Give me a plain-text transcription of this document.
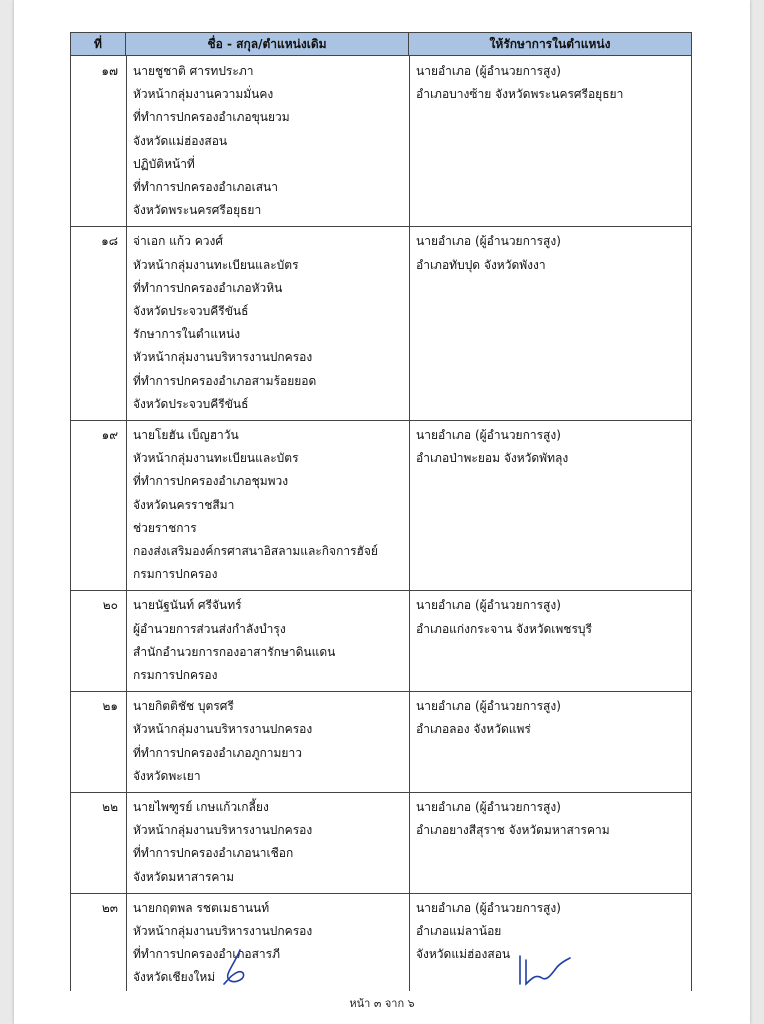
ที่	ชื่อ - สกุล/ตำแหน่งเดิม	ให้รักษาการในตำแหน่ง
๑๗ นายชูชาติ ศารทประภา
หัวหน้ากลุ่มงานความมั่นคง
ที่ทำการปกครองอำเภอขุนยวม
จังหวัดแม่ฮ่องสอน
ปฏิบัติหน้าที่
ที่ทำการปกครองอำเภอเสนา
จังหวัดพระนครศรีอยุธยา
นายอำเภอ (ผู้อำนวยการสูง)
อำเภอบางซ้าย จังหวัดพระนครศรีอยุธยา
๑๘ จ่าเอก แก้ว ควงศ์
หัวหน้ากลุ่มงานทะเบียนและบัตร
ที่ทำการปกครองอำเภอหัวหิน
จังหวัดประจวบคีรีขันธ์
รักษาการในตำแหน่ง
หัวหน้ากลุ่มงานบริหารงานปกครอง
ที่ทำการปกครองอำเภอสามร้อยยอด
จังหวัดประจวบคีรีขันธ์
นายอำเภอ (ผู้อำนวยการสูง)
อำเภอทับปุด จังหวัดพังงา
๑๙ นายโยฮัน เบ็ญฮาวัน
หัวหน้ากลุ่มงานทะเบียนและบัตร
ที่ทำการปกครองอำเภอชุมพวง
จังหวัดนครราชสีมา
ช่วยราชการ
กองส่งเสริมองค์กรศาสนาอิสลามและกิจการฮัจย์
กรมการปกครอง
นายอำเภอ (ผู้อำนวยการสูง)
อำเภอป่าพะยอม จังหวัดพัทลุง
๒๐ นายนัฐนันท์ ศรีจันทร์
ผู้อำนวยการส่วนส่งกำลังบำรุง
สำนักอำนวยการกองอาสารักษาดินแดน
กรมการปกครอง
นายอำเภอ (ผู้อำนวยการสูง)
อำเภอแก่งกระจาน จังหวัดเพชรบุรี
๒๑ นายกิตติชัช บุตรศรี
หัวหน้ากลุ่มงานบริหารงานปกครอง
ที่ทำการปกครองอำเภอภูกามยาว
จังหวัดพะเยา
นายอำเภอ (ผู้อำนวยการสูง)
อำเภอลอง จังหวัดแพร่
๒๒ นายไพฑูรย์ เกษแก้วเกลี้ยง
หัวหน้ากลุ่มงานบริหารงานปกครอง
ที่ทำการปกครองอำเภอนาเชือก
จังหวัดมหาสารคาม
นายอำเภอ (ผู้อำนวยการสูง)
อำเภอยางสีสุราช จังหวัดมหาสารคาม
๒๓ นายกฤตพล รชตเมธานนท์
หัวหน้ากลุ่มงานบริหารงานปกครอง
ที่ทำการปกครองอำเภอสารภี
จังหวัดเชียงใหม่
นายอำเภอ (ผู้อำนวยการสูง)
อำเภอแม่ลาน้อย
จังหวัดแม่ฮ่องสอน
หน้า ๓ จาก ๖
